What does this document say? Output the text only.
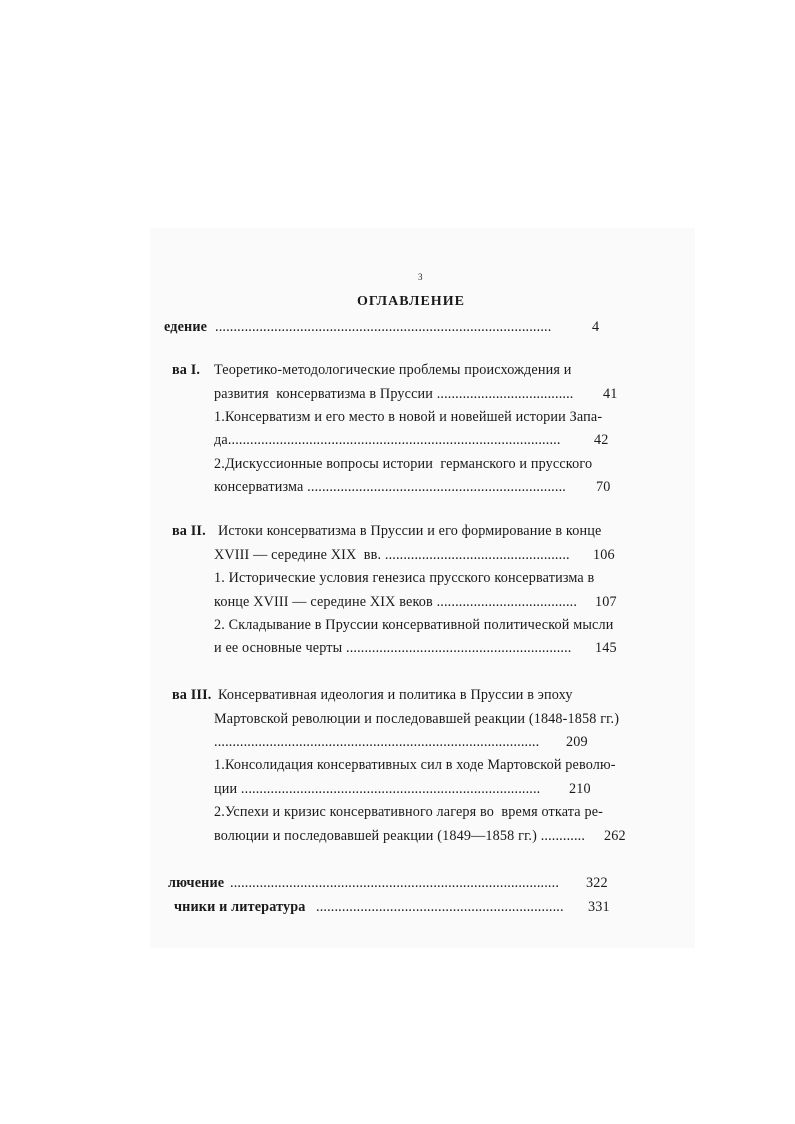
3
ОГЛАВЛЕНИЕ
едение ...........................................................................................	4
ва I. Теоретико-методологические проблемы происхождения и
развития  консерватизма в Пруссии ..................................... 41
1.Консерватизм и его место в новой и новейшей истории Запа-
да.......................................................................................... 42
2.Дискуссионные вопросы истории  германского и прусского
консерватизма ...................................................................... 70
ва II. Истоки консерватизма в Пруссии и его формирование в конце
XVIII — середине XIX  вв. .................................................. 106
1. Исторические условия генезиса прусского консерватизма в
конце XVIII — середине XIX веков ...................................... 107
2. Складывание в Пруссии консервативной политической мысли
и ее основные черты ............................................................. 145
ва III. Консервативная идеология и политика в Пруссии в эпоху
Мартовской революции и последовавшей реакции (1848-1858 гг.)
........................................................................................ 209
1.Консолидация консервативных сил в ходе Мартовской револю-
ции ................................................................................. 210
2.Успехи и кризис консервативного лагеря во  время отката ре-
волюции и последовавшей реакции (1849—1858 гг.) ............ 262
лючение ......................................................................................... 322
чники и литература ................................................................... 331
